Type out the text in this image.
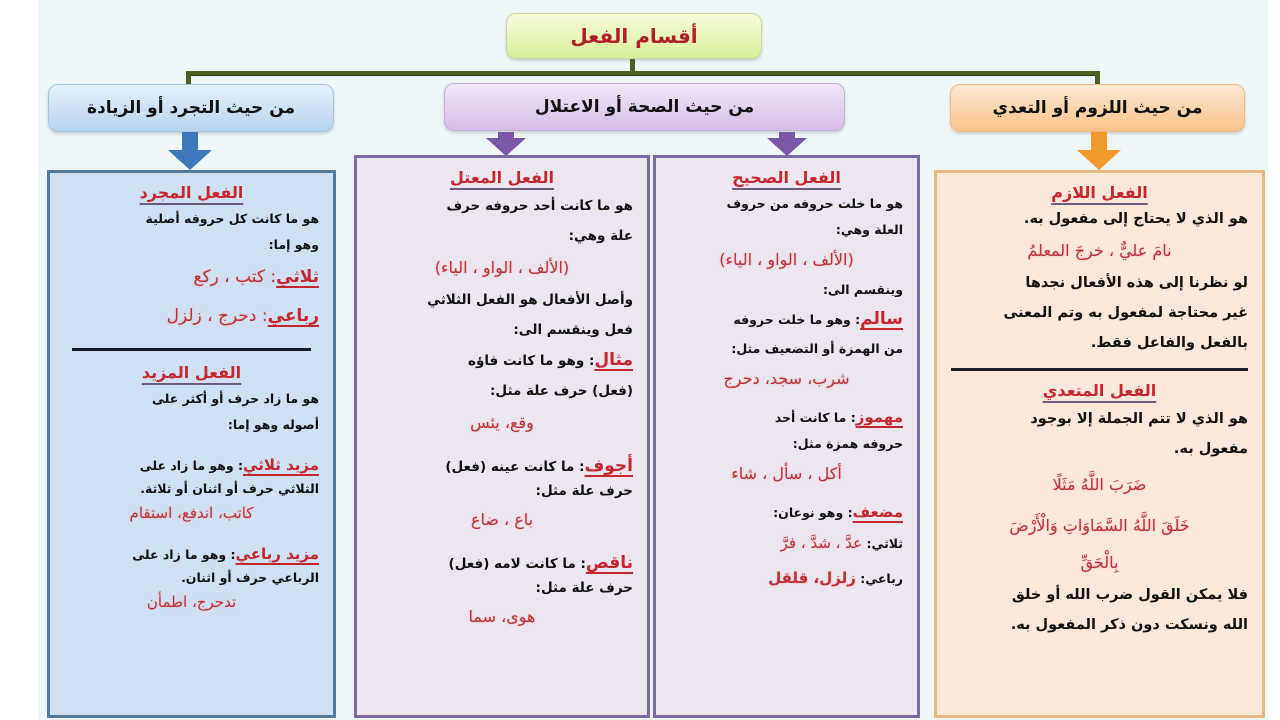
أقسام الفعل
من حيث التجرد أو الزيادة	من حيث الصحة أو الاعتلال	من حيث اللزوم أو التعدي
الفعل المجرد
هو ما كانت كل حروفه أصلية
وهو إما:
ثلاثي: كتب ، ركع
رباعي: دحرج ، زلزل
الفعل المزيد
هو ما زاد حرف أو أكثر على
أصوله وهو إما:
مزيد ثلاثي: وهو ما زاد على
الثلاثي حرف أو اثنان أو ثلاثة.
كاتب، اندفع، استقام
مزيد رباعي: وهو ما زاد على
الرباعي حرف أو اثنان.
تدحرج، اطمأن
الفعل المعتل
هو ما كانت أحد حروفه حرف
علة وهي:
(الألف ، الواو ، الياء)
وأصل الأفعال هو الفعل الثلاثي
فعل وينقسم الى:
مثال: وهو ما كانت فاؤه
(فعل) حرف علة مثل:
وقع، يئس
أجوف: ما كانت عينه (فعل)
حرف علة مثل:
باع ، ضاع
ناقص: ما كانت لامه (فعل)
حرف علة مثل:
هوى، سما
الفعل الصحيح
هو ما خلت حروفه من حروف
العلة وهي:
(الألف ، الواو ، الياء)
وينقسم الى:
سالم: وهو ما خلت حروفه
من الهمزة أو التضعيف مثل:
شرب، سجد، دحرج
مهموز: ما كانت أحد
حروفه همزة مثل:
أكل ، سأل ، شاء
مضعف: وهو نوعان:
ثلاثي: عدَّ ، شدَّ ، فرَّ
رباعي: زلزل، قلقل
الفعل اللازم
هو الذي لا يحتاج إلى مفعول به.
نامَ عليٌّ ، خرجَ المعلمُ
لو نظرنا إلى هذه الأفعال نجدها
غير محتاجة لمفعول به وتم المعنى
بالفعل والفاعل فقط.
الفعل المتعدي
هو الذي لا تتم الجملة إلا بوجود
مفعول به.
ضَرَبَ اللَّهُ مَثَلًا
خَلَقَ اللَّهُ السَّمَاوَاتِ وَالْأَرْضَ
بِالْحَقِّ
فلا يمكن القول ضرب الله أو خلق
الله ونسكت دون ذكر المفعول به.
